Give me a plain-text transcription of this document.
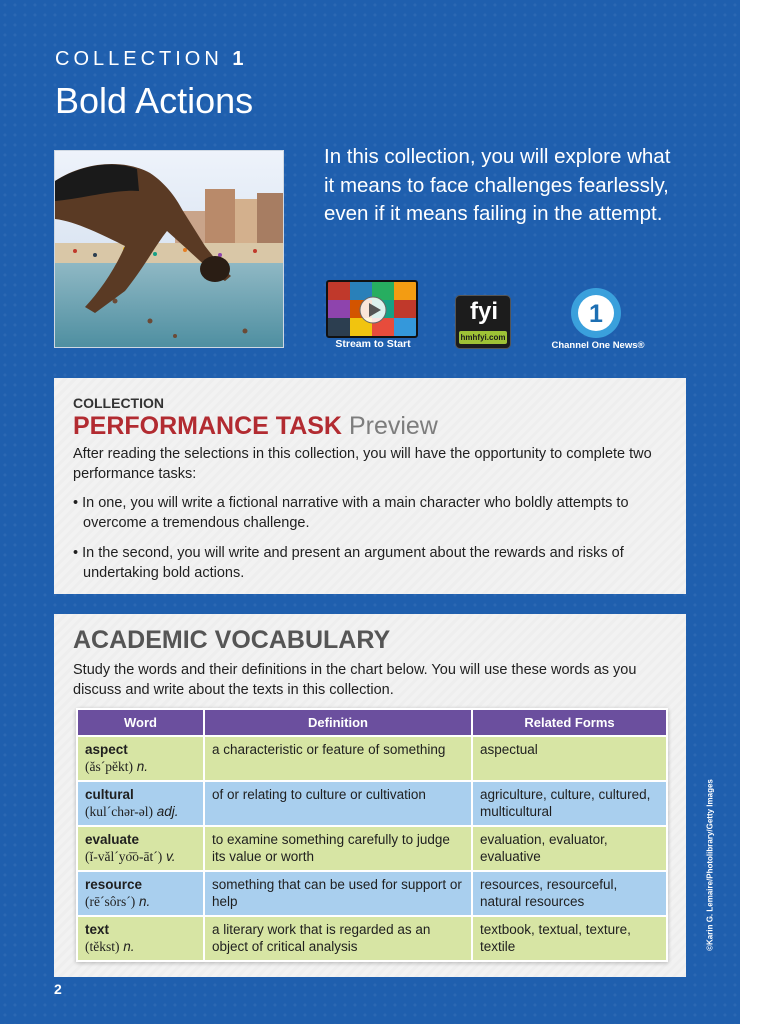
COLLECTION 1
Bold Actions

In this collection, you will explore what it means to face challenges fearlessly, even if it means failing in the attempt.

Stream to Start
fyi
hmhfyi.com
1
Channel One News®
COLLECTION
PERFORMANCE TASK Preview

After reading the selections in this collection, you will have the opportunity to complete two performance tasks:

• In one, you will write a fictional narrative with a main character who boldly attempts to overcome a tremendous challenge.
• In the second, you will write and present an argument about the rewards and risks of undertaking bold actions.
ACADEMIC VOCABULARY

Study the words and their definitions in the chart below. You will use these words as you discuss and write about the texts in this collection.

Word	Definition	Related Forms

aspect
(ăs´pĕkt) n.	a characteristic or feature of something	aspectual

cultural
(kul´chər-əl) adj.	of or relating to culture or cultivation	agriculture, culture, cultured, multicultural

evaluate
(ĭ-văl´yo͞o-āt´) v.	to examine something carefully to judge its value or worth	evaluation, evaluator, evaluative

resource
(rē´sôrs´) n.	something that can be used for support or help	resources, resourceful, natural resources

text
(tĕkst) n.	a literary work that is regarded as an object of critical analysis	textbook, textual, texture, textile	©Karin G. Lemaire/Photolibrary/Getty Images
2
